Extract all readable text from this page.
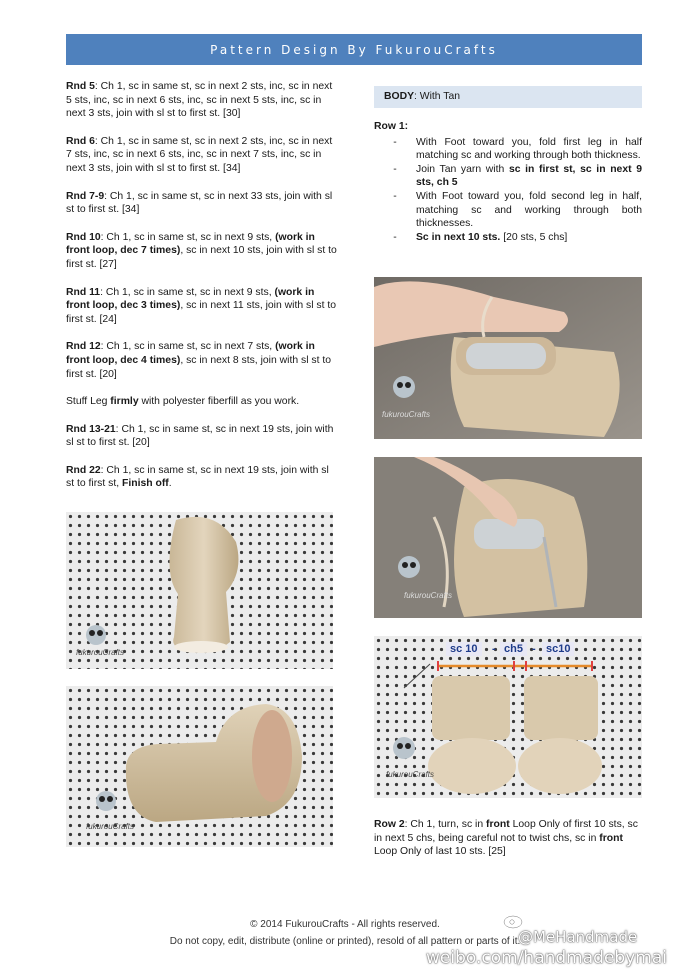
Pattern Design By FukurouCrafts

Rnd 5: Ch 1, sc in same st, sc in next 2 sts, inc, sc in next 5 sts, inc, sc in next 6 sts, inc, sc in next 5 sts, inc, sc in next 3 sts, join with sl st to first st. [30]

Rnd 6: Ch 1, sc in same st, sc in next 2 sts, inc, sc in next 7 sts, inc, sc in next 6 sts, inc, sc in next 7 sts, inc, sc in next 3 sts, join with sl st to first st. [34]

Rnd 7-9: Ch 1, sc in same st, sc in next 33 sts, join with sl st to first st. [34]

Rnd 10: Ch 1, sc in same st, sc in next 9 sts, (work in front loop, dec 7 times), sc in next 10 sts, join with sl st to first st. [27]

Rnd 11: Ch 1, sc in same st, sc in next 9 sts, (work in front loop, dec 3 times), sc in next 11 sts, join with sl st to first st. [24]

Rnd 12: Ch 1, sc in same st, sc in next 7 sts, (work in front loop, dec 4 times), sc in next 8 sts, join with sl st to first st. [20]

Stuff Leg firmly with polyester fiberfill as you work.

Rnd 13-21: Ch 1, sc in same st, sc in next 19 sts, join with sl st to first st. [20]

Rnd 22: Ch 1, sc in same st, sc in next 19 sts, join with sl st to first st, Finish off.

fukurouCrafts
fukurouCrafts
BODY : With Tan

Row 1:

-	With Foot toward you, fold first leg in half matching sc and working through both thickness.
-	Join Tan yarn with sc in first st, sc in next 9 sts, ch 5
-	With Foot toward you, fold second leg in half, matching sc and working through both thicknesses.
-	Sc in next 10 sts. [20 sts, 5 chs]
fukurouCrafts
fukurouCrafts
sc 10	- ch5 - sc10
fukurouCrafts
Row 2: Ch 1, turn, sc in front Loop Only of first 10 sts, sc in next 5 chs, being careful not to twist chs, sc in front Loop Only of last 10 sts. [25]
© 2014 FukurouCrafts - All rights reserved.
Do not copy, edit, distribute (online or printed), resold of all pattern or parts of it.
@MeHandmade
weibo.com/handmadebymai
